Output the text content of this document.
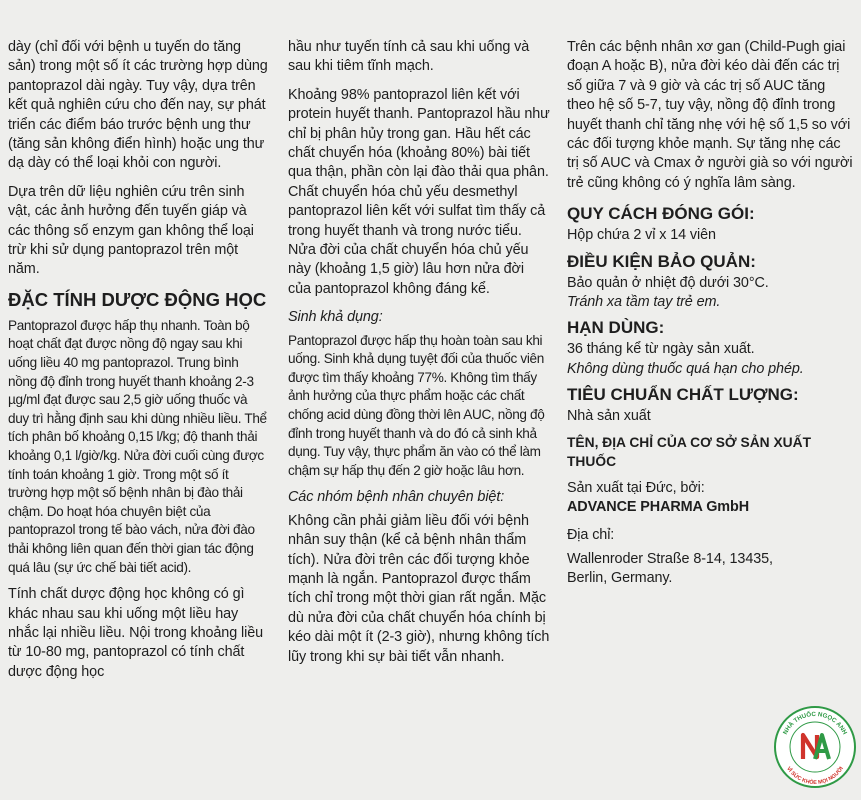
dày (chỉ đối với bệnh u tuyến do tăng sản) trong một số ít các trường hợp dùng pantoprazol dài ngày. Tuy vậy, dựa trên kết quả nghiên cứu cho đến nay, sự phát triển các điểm báo trước bệnh ung thư (tăng sản không điển hình) hoặc ung thư dạ dày có thể loại khỏi con người.

Dựa trên dữ liệu nghiên cứu trên sinh vật, các ảnh hưởng đến tuyến giáp và các thông số enzym gan không thể loại trừ khi sử dụng pantoprazol trên một năm.

ĐẶC TÍNH DƯỢC ĐỘNG HỌC

Pantoprazol được hấp thụ nhanh. Toàn bộ hoạt chất đạt được nồng độ ngay sau khi uống liều 40 mg pantoprazol. Trung bình nồng độ đỉnh trong huyết thanh khoảng 2-3 µg/ml đạt được sau 2,5 giờ uống thuốc và duy trì hằng định sau khi dùng nhiều liều. Thể tích phân bố khoảng 0,15 l/kg; độ thanh thải khoảng 0,1 l/giờ/kg. Nửa đời cuối cùng được tính toán khoảng 1 giờ. Trong một số ít trường hợp một số bệnh nhân bị đào thải chậm. Do hoạt hóa chuyên biệt của pantoprazol trong tế bào vách, nửa đời đào thải không liên quan đến thời gian tác động quá lâu (sự ức chế bài tiết acid).

Tính chất dược động học không có gì khác nhau sau khi uống một liều hay nhắc lại nhiều liều. Nội trong khoảng liều từ 10-80 mg, pantoprazol có tính chất dược động học

hầu như tuyến tính cả sau khi uống và sau khi tiêm tĩnh mạch.

Khoảng 98% pantoprazol liên kết với protein huyết thanh. Pantoprazol hầu như chỉ bị phân hủy trong gan. Hầu hết các chất chuyển hóa (khoảng 80%) bài tiết qua thận, phần còn lại đào thải qua phân. Chất chuyển hóa chủ yếu desmethyl pantoprazol liên kết với sulfat tìm thấy cả trong huyết thanh và trong nước tiểu. Nửa đời của chất chuyển hóa chủ yếu này (khoảng 1,5 giờ) lâu hơn nửa đời của pantoprazol không đáng kể.

Sinh khả dụng:

Pantoprazol được hấp thụ hoàn toàn sau khi uống. Sinh khả dụng tuyệt đối của thuốc viên được tìm thấy khoảng 77%. Không tìm thấy ảnh hưởng của thực phẩm hoặc các chất chống acid dùng đồng thời lên AUC, nồng độ đỉnh trong huyết thanh và do đó cả sinh khả dụng. Tuy vậy, thực phẩm ăn vào có thể làm chậm sự hấp thụ đến 2 giờ hoặc lâu hơn.

Các nhóm bệnh nhân chuyên biệt:

Không cần phải giảm liều đối với bệnh nhân suy thận (kể cả bệnh nhân thẩm tích). Nửa đời trên các đối tượng khỏe mạnh là ngắn. Pantoprazol được thẩm tích chỉ trong một thời gian rất ngắn. Mặc dù nửa đời của chất chuyển hóa chính bị kéo dài một ít (2-3 giờ), nhưng không tích lũy trong khi sự bài tiết vẫn nhanh.

Trên các bệnh nhân xơ gan (Child-Pugh giai đoạn A hoặc B), nửa đời kéo dài đến các trị số giữa 7 và 9 giờ và các trị số AUC tăng theo hệ số 5-7, tuy vậy, nồng độ đỉnh trong huyết thanh chỉ tăng nhẹ với hệ số 1,5 so với các đối tượng khỏe mạnh. Sự tăng nhẹ các trị số AUC và Cmax ở người già so với người trẻ cũng không có ý nghĩa lâm sàng.

QUY CÁCH ĐÓNG GÓI:

Hộp chứa 2 vỉ x 14 viên

ĐIỀU KIỆN BẢO QUẢN:

Bảo quản ở nhiệt độ dưới 30°C.
Tránh xa tầm tay trẻ em.

HẠN DÙNG:

36 tháng kể từ ngày sản xuất.
Không dùng thuốc quá hạn cho phép.

TIÊU CHUẨN CHẤT LƯỢNG:

Nhà sản xuất

TÊN, ĐỊA CHỈ CỦA CƠ SỞ SẢN XUẤT THUỐC

Sản xuất tại Đức, bởi:
ADVANCE PHARMA GmbH

Địa chỉ:

Wallenroder Straße 8-14, 13435, Berlin, Germany.

NHÀ THUỐC NGỌC ANH
VÌ SỨC KHỎE MỌI NGƯỜI
